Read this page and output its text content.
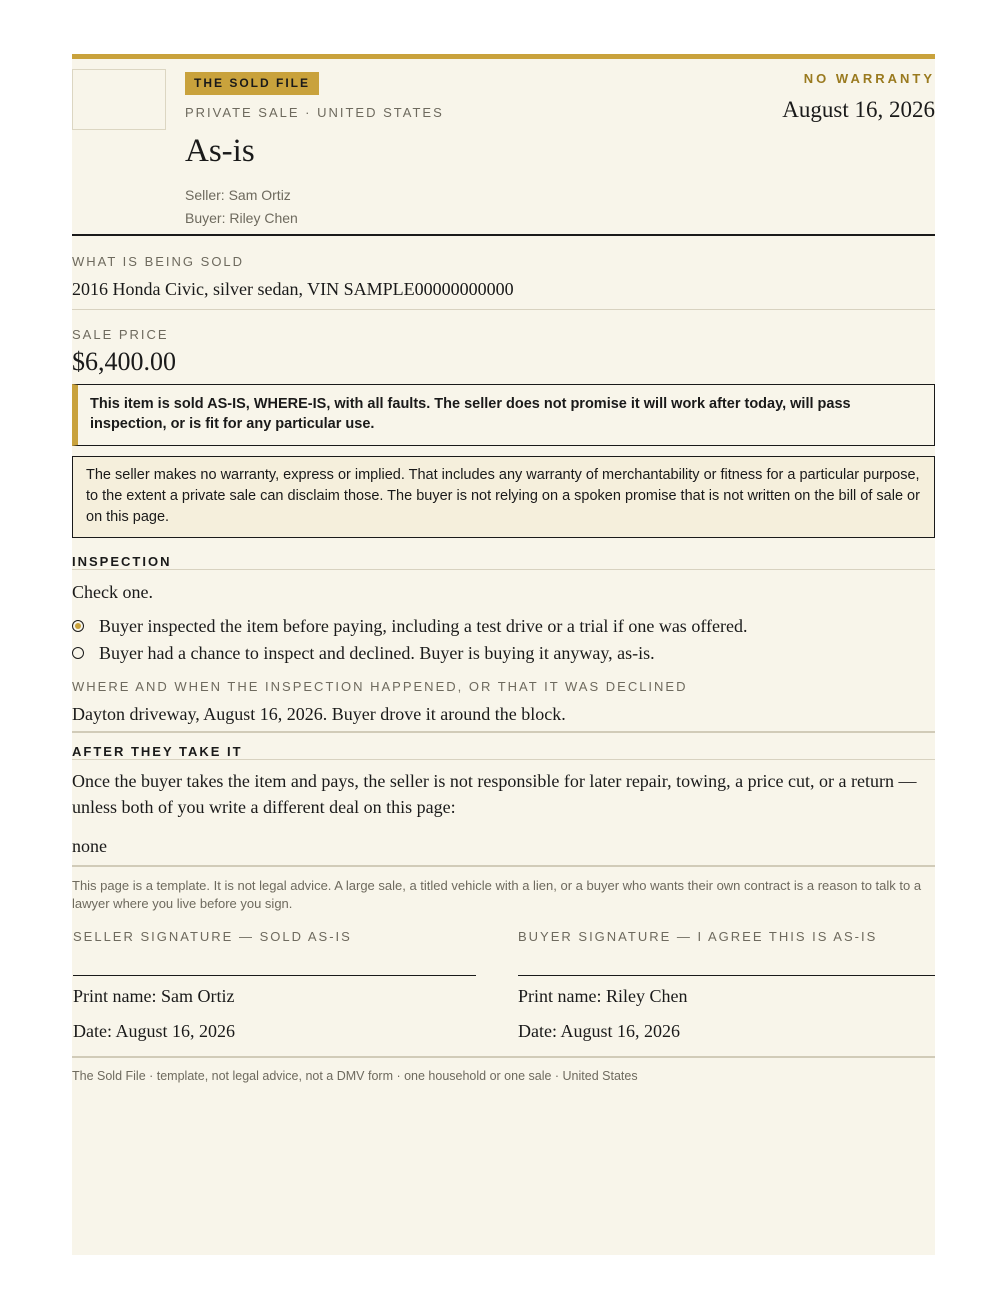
THE SOLD FILE
PRIVATE SALE · UNITED STATES
As-is
Seller: Sam Ortiz
Buyer: Riley Chen
NO WARRANTY
August 16, 2026
WHAT IS BEING SOLD
2016 Honda Civic, silver sedan, VIN SAMPLE00000000000
SALE PRICE
$6,400.00
This item is sold AS-IS, WHERE-IS, with all faults. The seller does not promise it will work after today, will pass inspection, or is fit for any particular use.
The seller makes no warranty, express or implied. That includes any warranty of merchantability or fitness for a particular purpose, to the extent a private sale can disclaim those. The buyer is not relying on a spoken promise that is not written on the bill of sale or on this page.
INSPECTION
Check one.
Buyer inspected the item before paying, including a test drive or a trial if one was offered.
Buyer had a chance to inspect and declined. Buyer is buying it anyway, as-is.
WHERE AND WHEN THE INSPECTION HAPPENED, OR THAT IT WAS DECLINED
Dayton driveway, August 16, 2026. Buyer drove it around the block.
AFTER THEY TAKE IT
Once the buyer takes the item and pays, the seller is not responsible for later repair, towing, a price cut, or a return — unless both of you write a different deal on this page:
none
This page is a template. It is not legal advice. A large sale, a titled vehicle with a lien, or a buyer who wants their own contract is a reason to talk to a lawyer where you live before you sign.
SELLER SIGNATURE — SOLD AS-IS
Print name: Sam Ortiz
Date: August 16, 2026
BUYER SIGNATURE — I AGREE THIS IS AS-IS
Print name: Riley Chen
Date: August 16, 2026
The Sold File · template, not legal advice, not a DMV form · one household or one sale · United States
